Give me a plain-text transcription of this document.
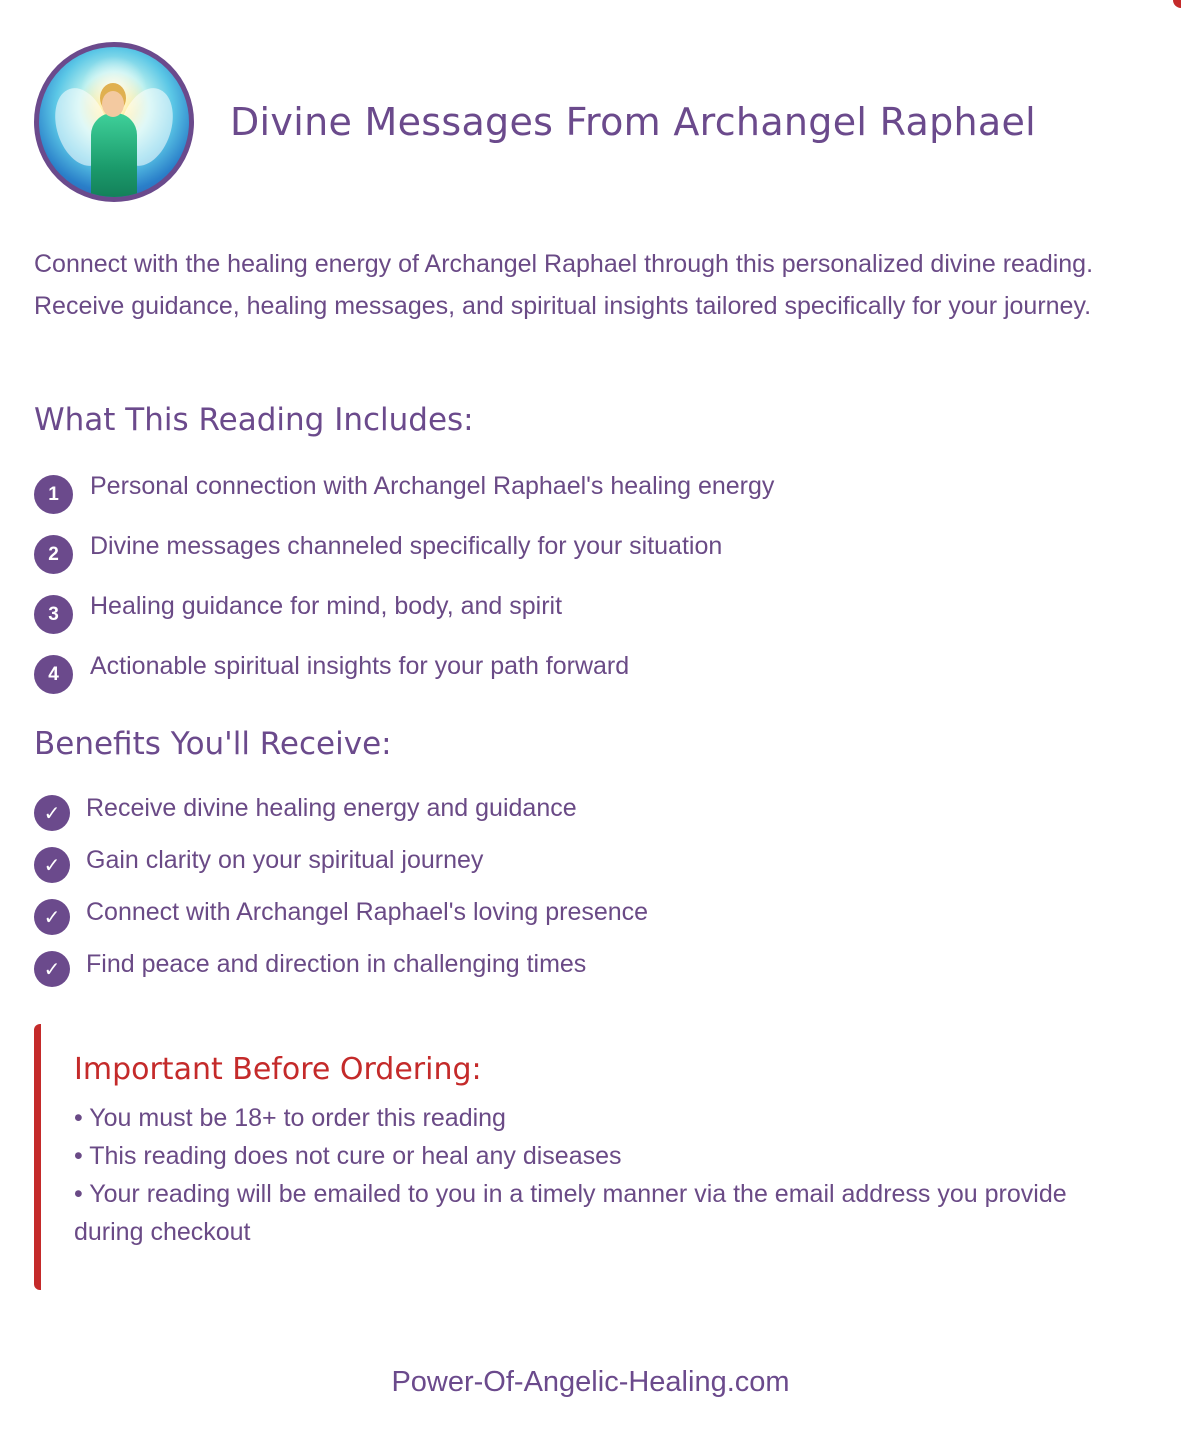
Divine Messages From Archangel Raphael

Connect with the healing energy of Archangel Raphael through this personalized divine reading. Receive guidance, healing messages, and spiritual insights tailored specifically for your journey.

What This Reading Includes:
1	Personal connection with Archangel Raphael's healing energy
2	Divine messages channeled specifically for your situation
3	Healing guidance for mind, body, and spirit
4	Actionable spiritual insights for your path forward
Benefits You'll Receive:
✓	Receive divine healing energy and guidance
✓	Gain clarity on your spiritual journey
✓	Connect with Archangel Raphael's loving presence
✓	Find peace and direction in challenging times
Important Before Ordering:

• You must be 18+ to order this reading

• This reading does not cure or heal any diseases

• Your reading will be emailed to you in a timely manner via the email address you provide during checkout

Power-Of-Angelic-Healing.com
